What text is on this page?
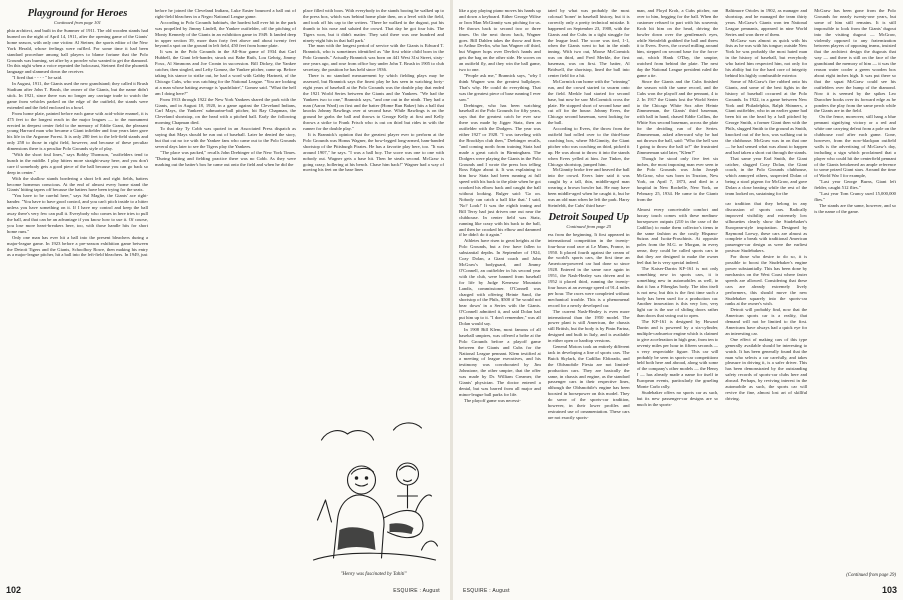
Playground for Heroes
Continued from page 101

phia architect, and built in the Summer of 1911. The old wooden stands had burned on the night of April 14, 1911, after the opening game of the Giants' home season, with only one victim: Al Steiner, the sports editor of the New York Herald, whose feelings were ruffled. For some time it had been standard procedure among ball players to blame fortune that the Polo Grounds was burning, set afire by a prowler who wanted to get the diamond. On this night when a voice repeated the holocaust, Steinert fled the phonetik language and slammed down the receiver.

"I fired that - - - - " he said.

In August, 1911, the Giants used the new grandstand; they called it Brush Stadium after John T. Brush, the owner of the Giants, but the name didn't stick. In 1921, since there was no longer any carriage trade to watch the game from vehicles parked on the edge of the outfield, the stands were extended and the field enclosed in a bowl.

From home plate, painted before each game with acid-white enamel, it is 475 feet to the longest reach in the major leagues — to the monument erected in deepest center field to the memory of Eddie Grant, the pleasant young Harvard man who became a Giant infielder and four years later gave his life in the Argonne Forest. It is only 280 feet to the left-field stands and only 258 to those in right field, however, and because of these peculiar dimensions there is a peculiar Polo Grounds style of play.

"With the short foul lines," says Bobby Thomson, "outfielders tend to hunch in the middle. I play hitters more straight-away here, and you don't care if somebody gets a good piece of the ball because you can go back so deep in center."

With the shallow stands bordering a short left and right fields, batters become homerun conscious. At the end of almost every home stand the Giants' hitting tapers off because the batters have been trying for the seats.

"You have to be careful here," says Sal Maglie, the Giants' ace right-hander. "You have to have good control, and you can't pitch inside to a hitter unless you have something on it. If I have my control and keep the ball away there's very few can pull it. Everybody who comes in here tries to pull the ball, and that can be an advantage if you know how to use it. Of course, you lose more heart-breakers here, too, with those handle hits for short home runs."

Only one man has ever hit a ball into the present bleachers during a major-league game. In 1923 before a pre-season exhibition game between the Detroit Tigers and the Giants, Schoolboy Rowe, then making his entry as a major-league pitcher, hit a ball into the left-field bleachers. In 1949, just

before he joined the Cleveland Indians, Luke Easter bounced a ball out of right-field bleachers in a Negro National League game.

According to Polo Grounds habitués, the hardest ball ever hit in the park was propelled by Jimmy Lindell, the Yankee outfielder, off the pitching of Monty Kennedy of the Giants in an exhibition game in 1949. It landed deep in upper section 39, more than forty feet above and about twenty feet beyond a spot on the ground in left field, 450 feet from home plate.

It was in the Polo Grounds in the All-Star game of 1934 that Carl Hubbell, the Giant left-hander, struck out Babe Ruth, Lou Gehrig, Jimmy Foxx, Al Simmons and Joe Cronin in succession. Bill Dickey, the Yankee catcher, then singled, and Lefty Gomez, the Yankee pitcher, came up. Before taking his stance to strike out, he had a word with Gabby Hartnett, of the Chicago Cubs, who was catching for the National League. "You are looking at a man whose batting average is 'quadrilaire'," Gomez said. "What the hell am I doing here?"

From 1913 through 1922 the New York Yankees shared the park with the Giants, and in August 18, 1920, in a game against the Cleveland Indians, Carl Mays, the Yankees' submarine-ball pitcher, hit Ray Chapman, the Cleveland shortstop, on the head with a pitched ball. Early the following morning Chapman died.

To that day Ty Cobb was quoted in an Associated Press dispatch as saying that Mays should be run out of baseball. Later he denied the story, but that cut no ice with the Yankee fans who came out to the Polo Grounds several days later to see the Tigers play the Yankees.

"The place was packed," recalls John Drebinger of the New York Times. "During batting and fielding practice there was no Cobb. As they were marking out the batter's box he came out onto the field and when he did the

place filled with boos. With everybody in the stands booing he walked up to the press box, which was behind home plate then, on a level with the field, and took off his cap to the writers. 'There he walked to the dugout, put his thumb to his nose and saluted the crowd. That day he got four hits. The Tigers won, but it didn't matter. They said there was one hundred and ninety-eight hits in that ball park.'

The man with the longest period of service with the Giants is Edward T. Brannick, who is sometimes identified as "the first white child born in the Polo Grounds." Actually Brannick was born on 441 West 31st Street, sixty-one years ago, and rose from office boy under John T. Brush in 1905 to club secretary, the position he has held since 1936.

There is no standard measurement by which fielding plays may be assessed, but Brannick says the finest play he has seen in watching forty-eight years of baseball at the Polo Grounds was the double play that ended the 1921 World Series between the Giants and the Yankees. "We had the Yankees two to one," Brannick says, "and one out in the ninth. They had a man (Aaron Ward) on first and the batter (Home Run Baker) hits a ball that knocks Johnny Rawlings over at second base. While Rawlings is on the ground he grabs the ball and throws to George Kelly at first and Kelly throws a strike to Frank Frisch who is out on third but rides in with the runner for the double play."

It is Brannick's opinion that the greatest player ever to perform at the Polo Grounds was Honus Wagner, the bow-legged long-armed, ham-handed shortstop of the Pittsburgh Pirates. He has a favorite play here, too. "It was around 1907," he says. "I was a ball boy. The score was one to one with nobody out. Wagner gets a base hit. Then he steals second. McGraw is going crazy, hollering at his bench. Chase him back!" Wagner had a way of moving his feet on the base lines

"Henry was fascinated by Tahiti"
102	ESQUIRE : August

like a guy playing piano moves his hands up and down a keyboard. Either George Wiltse or Iron Man McGinnity was pitching for us. He throws back to second two or three times. On the next throw back, Wagner goes. Bill Dahlen takes the throw and fires to Arthur Devlin, who has Wagner off third, but Wagner hops over Devlin's hands and gets the bag on the other side. He scores on an outfield fly, and they win the ball game, two to one.

"People ask me," Brannick says, "why I think Wagner was the greatest ballplayer. That's why. He could do everything. That was the greatest piece of base running I ever saw."

Drebinger, who has been watching baseball at the Polo Grounds for fifty years, says that the greatest catch he ever saw there was made by Jigger Statz, then an outfielder with the Dodgers. The year was either 1927 or 1928. "I was traveling with the Brooklyn club then," Drebinger recalls, "and coming north from training Statz had made a great catch in Birmingham. The Dodgers were playing the Giants in the Polo Grounds and I wrote the press box telling Ross Edgar about it. It was explaining to him how Statz had been running at full speed with his back to the plate when he got crooked his elbow back and caught the ball without looking. Bulger said: 'Go on. Nobody can catch a ball like that.' I said, 'No? Look!' It was the eighth inning and Bill Terry had just driven one out near the clubhouse. In center field was Statz, running like crazy with his back to the ball, and then he crooked his elbow and dammed if he didn't do it again."

Athletes have risen to great heights at the Polo Grounds, but a few have fallen to substantial depths. In September of 1924, Cozy Dolan, a Giant coach and John McGraw's bodyguard, and Jimmy O'Connell, an outfielder in his second year with the club, were banned from baseball for life by Judge Kenesaw Mountain Landis, commissioner. O'Connell was charged with offering Heinie Sand, the shortstop of the Phils, $500 if 'he would not bear down' in a Series with the Giants. O'Connell admitted it, and said Dolan had put him up to it. "I don't remember," was all Dolan would say.

In 1908 Bill Klem, most famous of all baseball umpires, was offered a bribe at the Polo Grounds before a playoff game between the Giants and Cubs for the National League pennant. Klem testified at a meeting of league executives, and his testimony was corroborated by Jim Johnstone, the other umpire, that the offer was made by Dr. William Creamer, the Giants' physician. The doctor entered a denial, but was barred from all major and minor-league ball parks for life.

The playoff game was necessi-

tated by what was probably the most colossal 'boner' in baseball history, but it is correctly only a pretty technical mistake. It happened on September 23, 1908, with the Giants and the Cubs in a tight struggle for the league lead. The score was tied, 1-1, when the Giants went to bat in the ninth inning. With two out, Moose McCormick was on third, and Fred Merkle, the first baseman, was on first. The batter, Al Bridwell, the shortstop, lined the ball into center field for a hit.

McCormick ran home with the "winning" run, and the crowd started to swarm onto the field. Merkle had started for second base, but now he saw McCormick cross the plate. He stopped short of second base and cut off for the house. Johnny Evers, the Chicago second baseman, went looking for the ball.

According to Evers, the throw from the outfield had rolled over to the third-base coaching box, where McGinnity, the Giant pitcher who was coaching on third, picked it up. He was about to throw it into the stands when Evers yelled at him. Joe Tinker, the Chicago shortstop, jumped him.

McGinnity broke free and heaved the ball into the crowd. Evers later said it was caught by a tall, thin, middle-aged man wearing a brown bowler hat. He may have been middle-aged when he caught it, but he was an old man when he left the park. Harry Steinfeldt, the Cubs' third base-

Detroit Souped Up
Continued from page 25

ess from the beginning. It first appeared in international competition in the twenty-four-hour road race at Le Mans, France, in 1950. It placed fourth against the cream of the world's sports cars, the first time an American-powered car had done so since 1928. Entered in the same race again in 1951, the Nash-Healey was driven and in 1952 it placed third, running the twenty-four hours at an average speed of 91.4 miles per hour. The races were completed without mechanical trouble. This is a phenomenal record for a newly developed car.

The current Nash-Healey is even more international than the 1950 model. The power plant is still American, the chassis still British, but the body is by Pinin Farina, designed and built in Italy, and is available in either open or hardtop versions.

General Motors took an entirely different tack in developing a line of sports cars. The Buick Skylark, the Cadillac Eldorado, and the Oldsmobile Fiesta are not limited-production cars. They are basically the same, in chassis and engine, as the standard passenger cars in their respective lines, although the Oldsmobile's engine has been boosted in horsepower on this model. They do savor of the sports-car tradition, however, in their lower profiles and restrained use of ornamentation. These cars are not exactly sports-

man, and Floyd Kroh, a Cubs pitcher, ran over to him, begging for the ball. When the customer refused to part with his souvenir, Kroh hit him on the head, driving the bowler down over the gentleman's eyes, while Steinfeldt grabbed the ball and threw it to Evers. Evers, the crowd milling around him, stepped on second base for the force-out, which Hank O'Day, the umpire, watched from behind the plate. The next day the National League president ruled the game a tie.

Since the Giants and the Cubs finished the season with the same record, and the Cubs won the playoff and the pennant, 4 to 2. In 1917 the Giants lost the World Series to the Chicago White Sox after Heinie Zimmerman, the Giants' third baseman, with ball in hand, chased Eddie Collins, the White Sox second baseman, across the plate for the deciding run of the Series. Zimmerman, asked afterward why he had not thrown the ball, said: "Who the hell was I going to throw the ball to?" the frustrated Zimmerman said later, "Klem?"

Though he stood only five feet six inches, the most imposing man ever seen in the Polo Grounds was John Joseph McGraw, who was born in Truxton, New York, on April 7, 1873, and died in a hospital in New Rochelle, New York, on February 25, 1934. He came to the Giants from the

Almost every conceivable comfort and luxury touch comes with these medium-horsepower outputs (210 in the case of the Cadillac) to make them collector's items in the same fashion as the costly Hispano-Suizas and Isotta-Fraschinis. At opposite poles from the M.G. or Morgan, in every sense, they could be called sports cars in that they are designed to make the owner feel that he is very special indeed.

The Kaiser-Darrin KF-161 is not only something new in sports cars, it is something new in automobiles as well, in that it has a Fiberglas body. The idea itself is not new, but this is the first time such a body has been used for a production car. Another innovation is this very low, very light car is the use of sliding doors rather than doors that swing out to open.

The KF-161 is designed by Howard Darrin and is powered by a six-cylinder, multiple-carburetor engine which is claimed to give acceleration in high gear, from ten to seventy miles per hour in fifteen seconds — a very respectable figure. This car will probably be seen in sports-car competitions held both here and abroad, along with some of the company's other models — the Henry J — has already made a name for itself in European events, particularly the grueling Monte Carlo rally.

Studebaker offers no sports car as such, but its new passenger-car designs are so much in the sports-

Baltimore Orioles in 1902, as manager and shortstop, and he managed the team thirty years. McGraw's Giants won ten National League pennants, appeared in nine World Series and won three of them.

McGraw was almost as quick with his fists as he was with his tongue; outside New York he was probably the most hated man in the history of baseball, but everybody who hated him respected him, not only for his ability but for the hard core of integrity behind his highly combustible exterior.

Some of McGraw's fire rubbed onto his Giants, and some of the best fights in the history of baseball occurred at the Polo Grounds. In 1922, in a game between New York and Philadelphia, Ralph Shinners, a Giant outfielder, who in an earlier game had been hit on the head by a ball pitched by George Smith, a former Giant then with the Phils, slugged Smith to the ground as Smith, knocked out of the box, was walking out to the clubhouse. McGraw was in on that one — he had sensed what was about to happen and had taken a short cut through the stands.

That same year Earl Smith, the Giant catcher, slugged Cozy Dolan, the Giant coach, in the Polo Grounds clubhouse, which annoyed others, suspected Dolan of being a stool pigeon for McGraw, and gave Dolan a close beating while the rest of the team looked on, sustaining for the

car tradition that they belong in any discussion of sports cars. Radically improved visibility and extremely low silhouettes clearly show the Studebaker's European-style inspiration. Designed by Raymond Loewy, these cars are almost as complete a break with traditional American passenger-car design as were the earliest postwar Studebakers.

For those who desire to do so, it is possible to boost the Studebaker's engine power substantially. This has been done by mechanics on the West Coast where faster speeds are allowed. Considering that these cars are already extremely lively performers, this should move the new Studebaker squarely into the sports-car ranks at the owner's wish.

Detroit will probably find, now that the American sports car is a reality, that demand will not be limited to the first. Americans have always had a quick eye for an interesting car.

One effect of making cars of this type generally available should be interesting to watch. It has been generally found that the man who selects a car carefully, and takes pleasure in driving it, is a safer driver. This has been demonstrated by the outstanding safety records of sports-car clubs here and abroad. Perhaps, by reviving interest in the automobile as such, the sports car will revive the fine, almost lost art of skillful driving.

McGraw has been gone from the Polo Grounds for nearly twenty-one years, but some of him still remains. It is still impossible to look from the Giants' dugout into the visiting dugout — McGraw, violently opposed to any fraternization between players of opposing teams, insisted that the architect design the dugouts that way — and there is still on the face of the grandstand the memory of him — it was the reason water cooler a green wooden box about eight inches high. It was put there so that the squat McGraw could see his outfielders over the hump of the diamond. Now it is seemed by the spikes Leo Durocher hooks over its forward edge as he ponders the play from the same perch while the Giants are in the field.

On the fence, moreover, still hang a blue pennant signifying victory or a red and white one carrying defeat from a pole on the clubhouse roof after each game. Gone, however, from the now-blackpan outfield walls is the advertising of McGraw's day, including a sign which proclaimed that a player who could hit the centerfield pennant of the Giants betokened an ample reference to some prized Giant stars. Around the time of World War I for example,

"Last year George Burns, Giant left fielder, caught 512 flies."

"Last year Tom Cruncy used 15,000,000 flies."

The stands are the same, however, and so is the name of the game.

(Continued from page 29)
ESQUIRE : August	103
